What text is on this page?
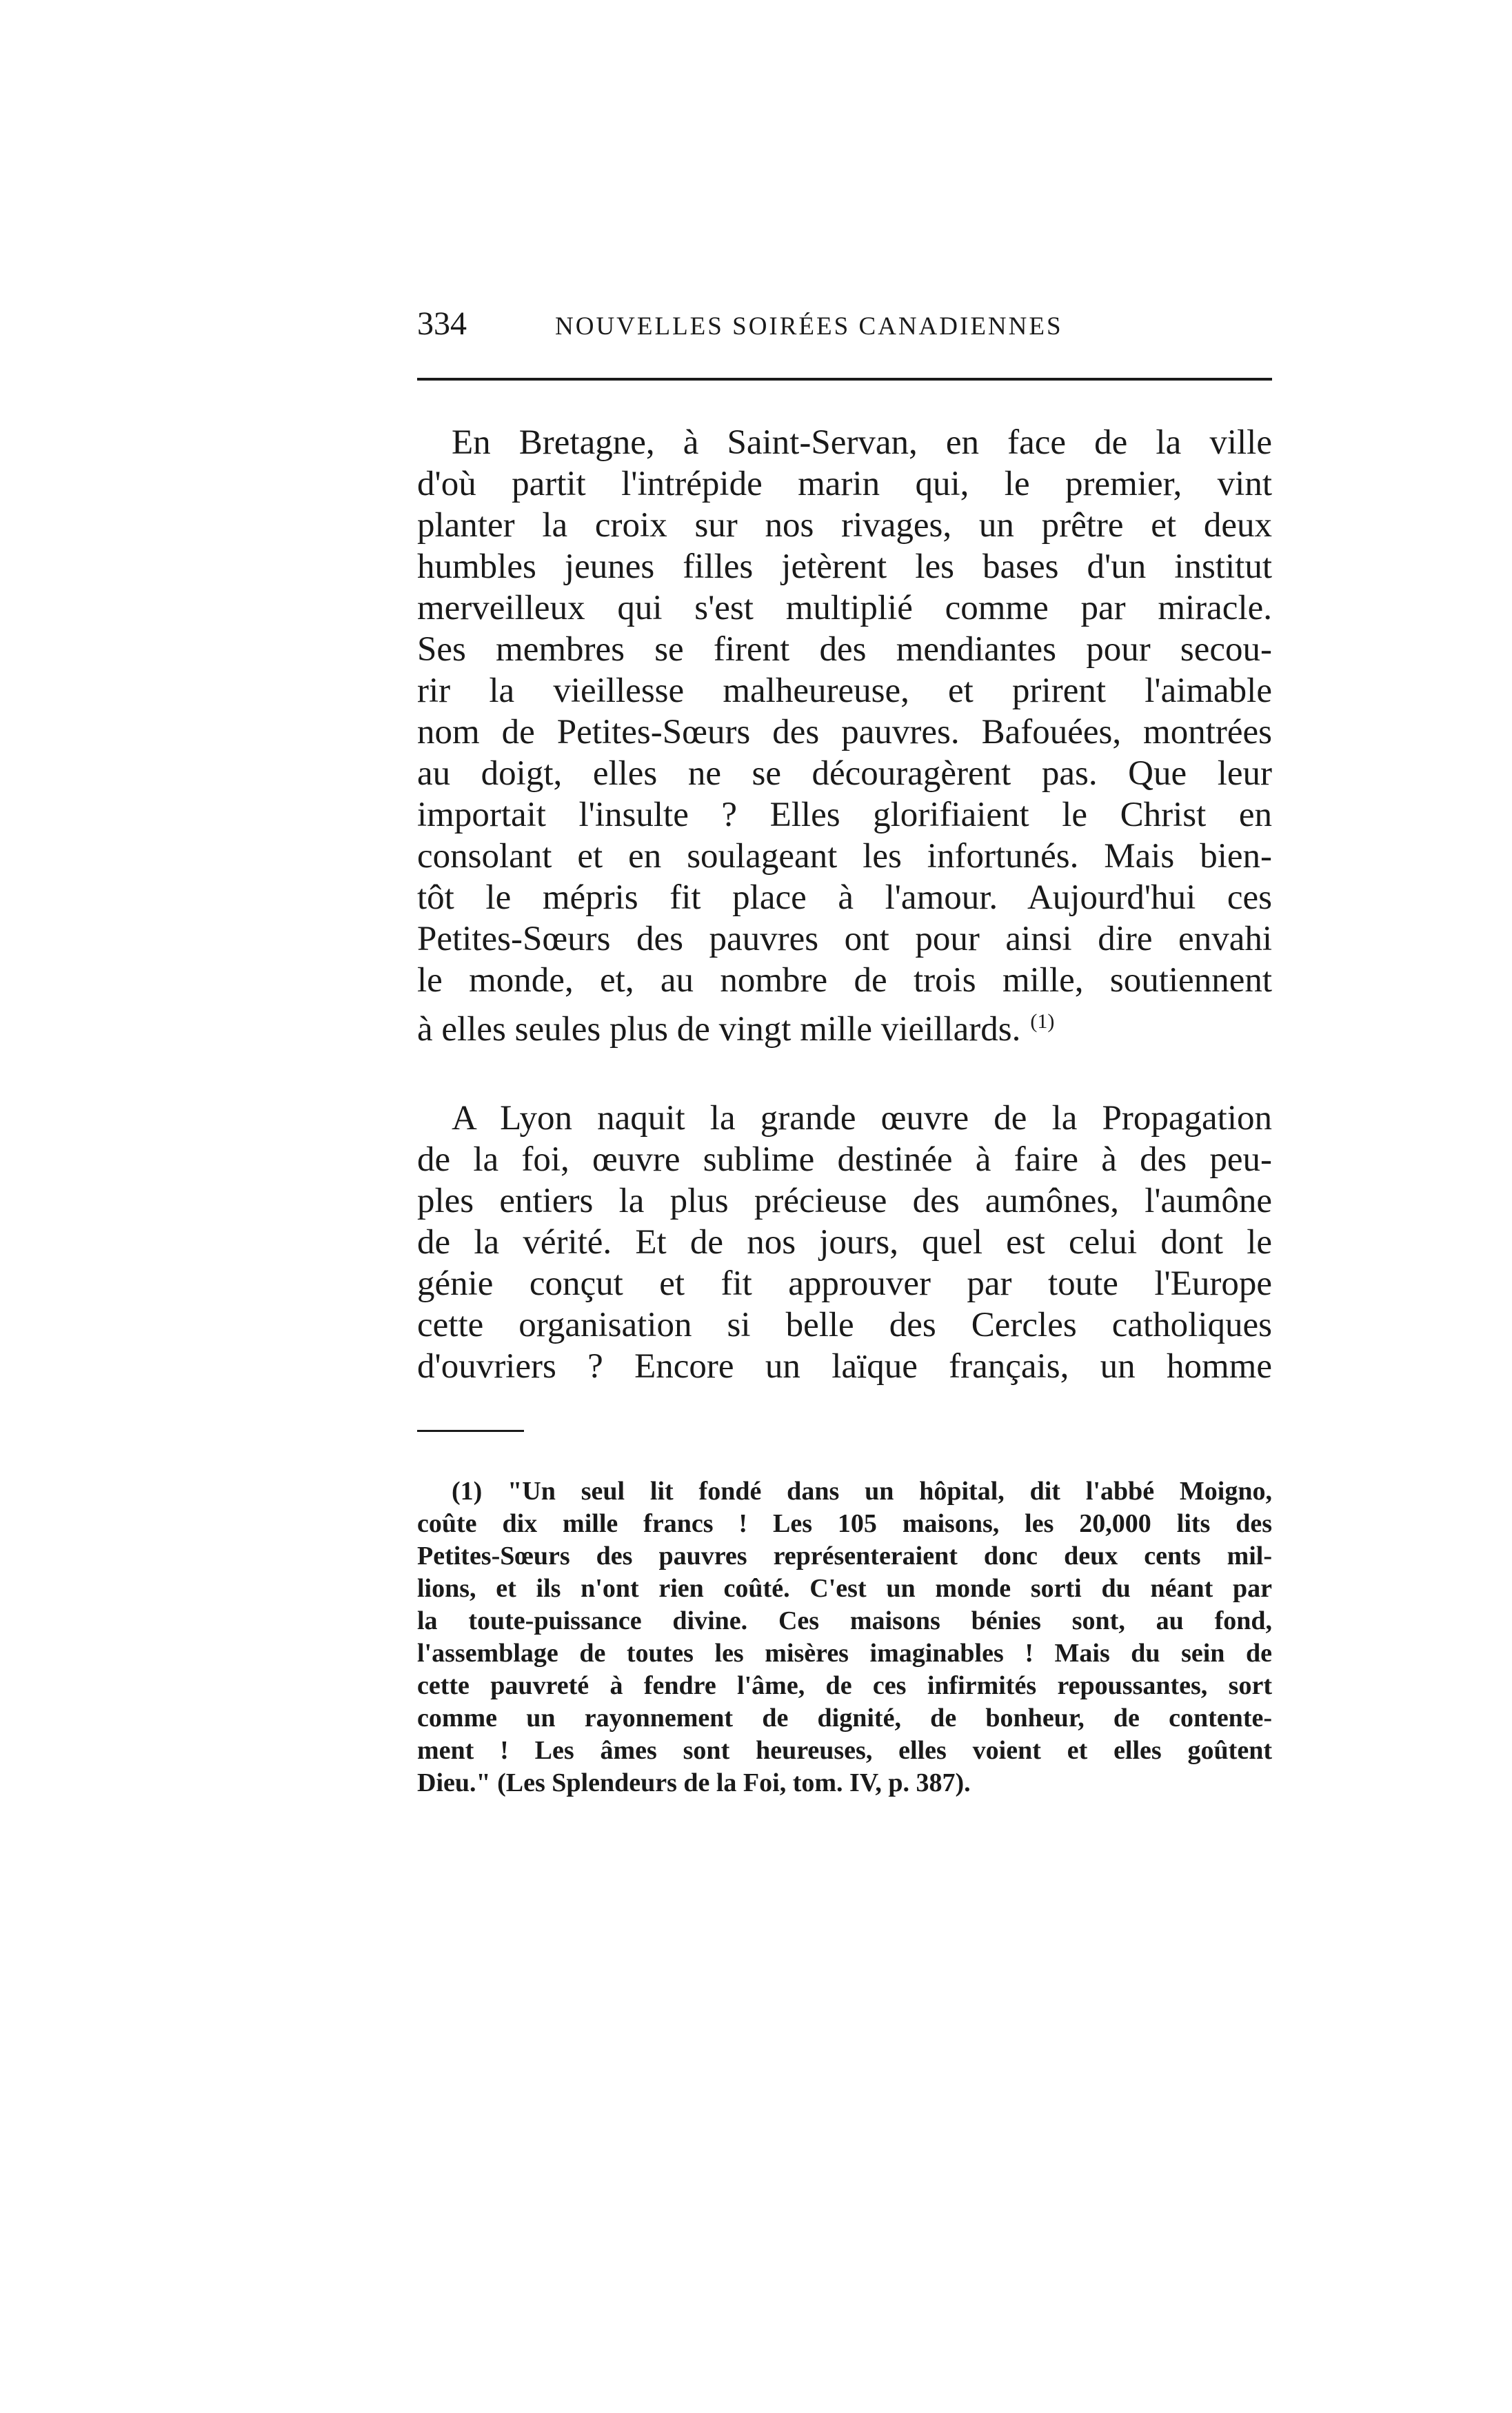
334	NOUVELLES SOIRÉES CANADIENNES
En Bretagne, à Saint-Servan, en face de la ville
d'où partit l'intrépide marin qui, le premier, vint
planter la croix sur nos rivages, un prêtre et deux
humbles jeunes filles jetèrent les bases d'un institut
merveilleux qui s'est multiplié comme par miracle.
Ses membres se firent des mendiantes pour secou-
rir la vieillesse malheureuse, et prirent l'aimable
nom de Petites-Sœurs des pauvres. Bafouées, montrées
au doigt, elles ne se découragèrent pas. Que leur
importait l'insulte ? Elles glorifiaient le Christ en
consolant et en soulageant les infortunés. Mais bien-
tôt le mépris fit place à l'amour. Aujourd'hui ces
Petites-Sœurs des pauvres ont pour ainsi dire envahi
le monde, et, au nombre de trois mille, soutiennent
à elles seules plus de vingt mille vieillards. $^{(1)}$
A Lyon naquit la grande œuvre de la Propagation
de la foi, œuvre sublime destinée à faire à des peu-
ples entiers la plus précieuse des aumônes, l'aumône
de la vérité. Et de nos jours, quel est celui dont le
génie conçut et fit approuver par toute l'Europe
cette organisation si belle des Cercles catholiques
d'ouvriers ? Encore un laïque français, un homme
(1) "Un seul lit fondé dans un hôpital, dit l'abbé Moigno,
coûte dix mille francs ! Les 105 maisons, les 20,000 lits des
Petites-Sœurs des pauvres représenteraient donc deux cents mil-
lions, et ils n'ont rien coûté. C'est un monde sorti du néant par
la toute-puissance divine. Ces maisons bénies sont, au fond,
l'assemblage de toutes les misères imaginables ! Mais du sein de
cette pauvreté à fendre l'âme, de ces infirmités repoussantes, sort
comme un rayonnement de dignité, de bonheur, de contente-
ment ! Les âmes sont heureuses, elles voient et elles goûtent
Dieu." (Les Splendeurs de la Foi, tom. IV, p. 387).
